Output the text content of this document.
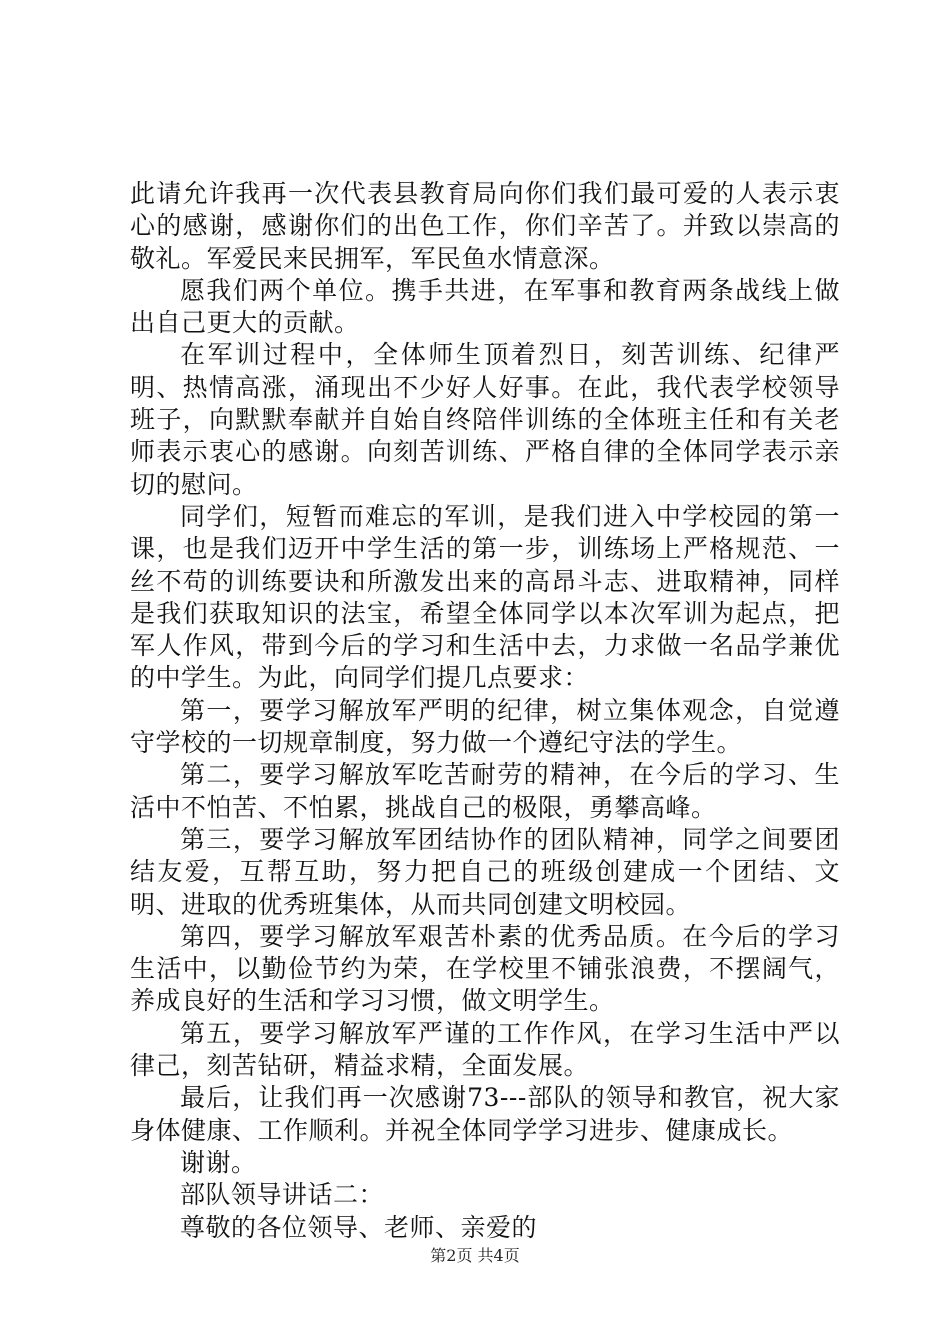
此请允许我再一次代表县教育局向你们我们最可爱的人表示衷心的感谢，感谢你们的出色工作，你们辛苦了。并致以崇高的敬礼。军爱民来民拥军，军民鱼水情意深。

愿我们两个单位。携手共进，在军事和教育两条战线上做出自己更大的贡献。

在军训过程中，全体师生顶着烈日，刻苦训练、纪律严明、热情高涨，涌现出不少好人好事。在此，我代表学校领导班子，向默默奉献并自始自终陪伴训练的全体班主任和有关老师表示衷心的感谢。向刻苦训练、严格自律的全体同学表示亲切的慰问。

同学们，短暂而难忘的军训，是我们进入中学校园的第一课，也是我们迈开中学生活的第一步，训练场上严格规范、一丝不苟的训练要诀和所激发出来的高昂斗志、进取精神，同样是我们获取知识的法宝，希望全体同学以本次军训为起点，把军人作风，带到今后的学习和生活中去，力求做一名品学兼优的中学生。为此，向同学们提几点要求：

第一，要学习解放军严明的纪律，树立集体观念，自觉遵守学校的一切规章制度，努力做一个遵纪守法的学生。

第二，要学习解放军吃苦耐劳的精神，在今后的学习、生活中不怕苦、不怕累，挑战自己的极限，勇攀高峰。

第三，要学习解放军团结协作的团队精神，同学之间要团结友爱，互帮互助，努力把自己的班级创建成一个团结、文明、进取的优秀班集体，从而共同创建文明校园。

第四，要学习解放军艰苦朴素的优秀品质。在今后的学习生活中，以勤俭节约为荣，在学校里不铺张浪费，不摆阔气，养成良好的生活和学习习惯，做文明学生。

第五，要学习解放军严谨的工作作风，在学习生活中严以律己，刻苦钻研，精益求精，全面发展。

最后，让我们再一次感谢73---部队的领导和教官，祝大家身体健康、工作顺利。并祝全体同学学习进步、健康成长。

谢谢。

部队领导讲话二：

尊敬的各位领导、老师、亲爱的

第2页 共4页
